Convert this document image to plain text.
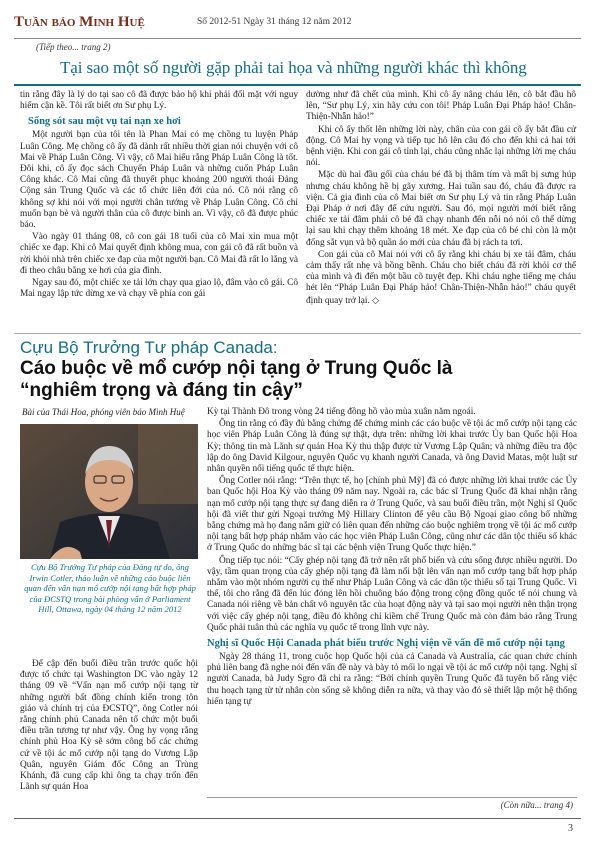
Tuần báo Minh Huệ	Số 2012-51 Ngày 31 tháng 12 năm 2012
(Tiếp theo... trang 2)
Tại sao một số người gặp phải tai họa và những người khác thì không

tin rằng đây là lý do tại sao cô đã được bảo hộ khi phải đối mặt với nguy hiểm cận kề. Tôi rất biết ơn Sư phụ Lý.

Sống sót sau một vụ tai nạn xe hơi

Một người bạn của tôi tên là Phan Mai có mẹ chồng tu luyện Pháp Luân Công. Mẹ chồng cô ấy đã dành rất nhiều thời gian nói chuyện với cô Mai về Pháp Luân Công. Vì vậy, cô Mai hiểu rằng Pháp Luân Công là tốt. Đôi khi, cô ấy đọc sách Chuyển Pháp Luân và những cuốn Pháp Luân Công khác. Cô Mai cũng đã thuyết phục khoảng 200 người thoái Đảng Cộng sản Trung Quốc và các tổ chức liên đới của nó. Cô nói rằng cô không sợ khi nói với mọi người chân tướng về Pháp Luân Công. Cô chỉ muốn bạn bè và người thân của cô được bình an. Vì vậy, cô đã được phúc báo.

Vào ngày 01 tháng 08, cô con gái 18 tuổi của cô Mai xin mua một chiếc xe đạp. Khi cô Mai quyết định không mua, con gái cô đã rất buồn và rời khỏi nhà trên chiếc xe đạp của một người bạn. Cô Mai đã rất lo lắng và đi theo châu bằng xe hơi của gia đình.

Ngay sau đó, một chiếc xe tải lớn chạy qua giao lộ, đâm vào cô gái. Cô Mai ngay lập tức dừng xe và chạy về phía con gái

dường như đã chết của mình. Khi cô ấy nâng cháu lên, cô bắt đầu hô lên, “Sư phụ Lý, xin hãy cứu con tôi! Pháp Luân Đại Pháp hảo! Chân-Thiện-Nhẫn hảo!”

Khi cô ấy thốt lên những lời này, chân của con gái cô ấy bắt đầu cử động. Cô Mai hy vọng và tiếp tục hô lên câu đó cho đến khi cả hai tới bệnh viện. Khi con gái cô tỉnh lại, cháu cũng nhắc lại những lời mẹ cháu nói.

Mặc dù hai đầu gối của cháu bé đã bị thâm tím và mất bị sưng húp nhưng cháu không hề bị gãy xương. Hai tuần sau đó, cháu đã được ra viện. Cả gia đình của cô Mai biết ơn Sư phụ Lý và tin rằng Pháp Luân Đại Pháp ở nơi đây để cứu người. Sau đó, mọi người mới biết rằng chiếc xe tải đâm phải cô bé đã chạy nhanh đến nỗi nó nói cô thể dừng lại sau khi chạy thêm khoảng 18 mét. Xe đạp của cô bé chỉ còn là một đống sắt vụn và bộ quần áo mới của cháu đã bị rách ta tơi.

Con gái của cô Mai nói với cô ấy rằng khi cháu bị xe tải đâm, cháu cảm thấy rất nhẹ và bồng bềnh. Cháu cho biết cháu đã rời khỏi cơ thể của mình và đi đến một bầu cõ tuyệt đẹp. Khi cháu nghe tiếng mẹ cháu hét lên “Pháp Luân Đại Pháp hảo! Chân-Thiện-Nhẫn hảo!” cháu quyết định quay trở lại. ◇

Cựu Bộ Trưởng Tư pháp Canada:
Cáo buộc về mổ cướp nội tạng ở Trung Quốc là
“nghiêm trọng và đáng tin cậy”
Bài của Thái Hoa, phóng viên báo Minh Huệ
Cựu Bộ Trưởng Tư pháp của Đảng tự do, ông Irwin Cotler, thảo luận về những cáo buộc liên quan đến vấn nạn mổ cướp nội tạng bất hợp pháp của ĐCSTQ trong bài phòng vấn ở Parliament Hill, Ottawa, ngày 04 tháng 12 năm 2012

Để cập đến buổi điều trần trước quốc hội được tổ chức tại Washington DC vào ngày 12 tháng 09 về “Vấn nạn mổ cướp nội tạng từ những người bất đồng chính kiến trong tôn giáo và chính trị của ĐCSTQ”, ông Cotler nói rằng chính phủ Canada nên tổ chức một buổi điều trần tương tự như vậy. Ông hy vọng rằng chính phủ Hoa Kỳ sẽ sớm công bố các chứng cứ về tội ác mổ cướp nội tạng do Vương Lập Quân, nguyên Giám đốc Công an Trùng Khánh, đã cung cấp khi ông ta chạy trốn đến Lãnh sự quán Hoa

Kỳ tại Thành Đô trong vòng 24 tiếng đồng hồ vào mùa xuân năm ngoái.

Ông tin rằng có đầy đủ bằng chứng để chứng minh các cáo buộc về tội ác mổ cướp nội tạng các học viên Pháp Luân Công là đúng sự thật, dựa trên: những lời khai trước Ủy ban Quốc hội Hoa Kỳ; thông tin mà Lãnh sự quán Hoa Kỳ thu thập được từ Vương Lập Quân; và những điều tra độc lập do ông David Kilgour, nguyên Quốc vụ khanh người Canada, và ông David Matas, một luật sư nhân quyền nổi tiếng quốc tế thực hiện.

Ông Cotler nói rằng: “Trên thực tế, họ [chính phủ Mỹ] đã có được những lời khai trước các Ủy ban Quốc hội Hoa Kỳ vào tháng 09 năm nay. Ngoài ra, các bác sĩ Trung Quốc đã khai nhận rằng nạn mổ cướp nội tạng thực sự đang diễn ra ở Trung Quốc, và sau buổi điều trần, một Nghị sĩ Quốc hội đã viết thư gửi Ngoại trưởng Mỹ Hillary Clinton để yêu cầu Bộ Ngoại giao công bố những bằng chứng mà họ đang nắm giữ có liên quan đến những cáo buộc nghiêm trọng về tội ác mổ cướp nội tạng bất hợp pháp nhắm vào các học viên Pháp Luân Công, cũng như các dân tộc thiểu số khác ở Trung Quốc do những bác sĩ tại các bệnh viện Trung Quốc thực hiện.”

Ông tiếp tục nói: “Cấy ghép nội tạng đã trở nên rất phổ biến và cứu sống được nhiều người. Do vậy, tầm quan trọng của cấy ghép nội tạng đã làm nổi bật lên vấn nạn mổ cướp tạng bất hợp pháp nhắm vào một nhóm người cụ thể như Pháp Luân Công và các dân tộc thiểu số tại Trung Quốc. Vì thế, tôi cho rằng đã đến lúc đóng lên hồi chuông báo động trong cộng đồng quốc tế nói chung và Canada nói riêng về bản chất vô nguyên tắc của hoạt động này và tại sao mọi người nên thận trọng với việc cấy ghép nội tạng, điều đó không chỉ kiềm chế Trung Quốc mà còn đảm bảo rằng Trung Quốc phải tuân thủ các nghĩa vụ quốc tế trong lĩnh vực này.

Nghị sĩ Quốc Hội Canada phát biểu trước Nghị viện về vấn đề mổ cướp nội tạng

Ngày 28 tháng 11, trong cuộc họp Quốc hội của cả Canada và Australia, các quan chức chính phủ liên bang đã nghe nói đến vấn đề này và bày tỏ mối lo ngại về tội ác mổ cướp nội tạng. Nghị sĩ người Canada, bà Judy Sgro đã chỉ ra rằng: “Bởi chính quyền Trung Quốc đã tuyên bố rằng việc thu hoạch tạng từ tử nhân còn sống sẽ không diễn ra nữa, và thay vào đó sẽ thiết lập một hệ thống hiến tạng tự

(Còn nữa... trang 4)
3
